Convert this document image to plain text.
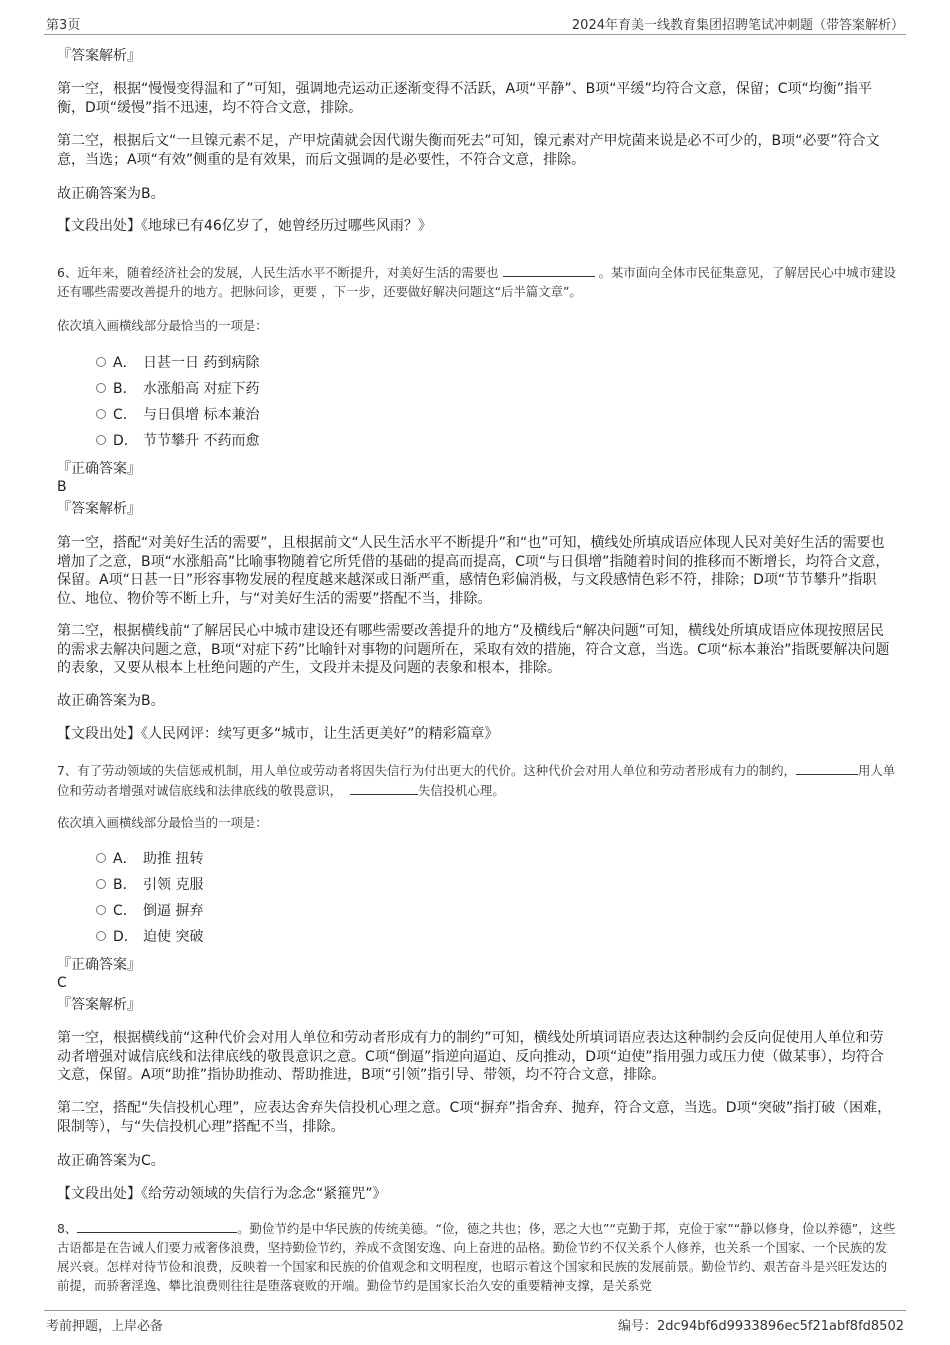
第3页	2024年育美一线教育集团招聘笔试冲刺题（带答案解析）
『答案解析』
第一空，根据“慢慢变得温和了”可知，强调地壳运动正逐渐变得不活跃，A项“平静”、B项“平缓”均符合文意，保留；C项“均衡”指平衡，D项“缓慢”指不迅速，均不符合文意，排除。
第二空，根据后文“一旦镍元素不足，产甲烷菌就会因代谢失衡而死去”可知，镍元素对产甲烷菌来说是必不可少的，B项“必要”符合文意，当选；A项“有效”侧重的是有效果，而后文强调的是必要性，不符合文意，排除。
故正确答案为B。
【文段出处】《地球已有46亿岁了，她曾经历过哪些风雨？》
6、近年来，随着经济社会的发展，人民生活水平不断提升，对美好生活的需要也	。某市面向全体市民征集意见，了解居民心中城市建设还有哪些需要改善提升的地方。把脉问诊，更要 ，下一步，还要做好解决问题这“后半篇文章”。
依次填入画横线部分最恰当的一项是：
A． 日甚一日 药到病除
B． 水涨船高 对症下药
C． 与日俱增 标本兼治
D． 节节攀升 不药而愈
『正确答案』
B
『答案解析』
第一空，搭配“对美好生活的需要”，且根据前文“人民生活水平不断提升”和“也”可知，横线处所填成语应体现人民对美好生活的需要也增加了之意，B项“水涨船高”比喻事物随着它所凭借的基础的提高而提高，C项“与日俱增”指随着时间的推移而不断增长，均符合文意，保留。A项“日甚一日”形容事物发展的程度越来越深或日渐严重，感情色彩偏消极，与文段感情色彩不符，排除；D项“节节攀升”指职位、地位、物价等不断上升，与“对美好生活的需要”搭配不当，排除。
第二空，根据横线前“了解居民心中城市建设还有哪些需要改善提升的地方”及横线后“解决问题”可知，横线处所填成语应体现按照居民的需求去解决问题之意，B项“对症下药”比喻针对事物的问题所在，采取有效的措施，符合文意，当选。C项“标本兼治”指既要解决问题的表象，又要从根本上杜绝问题的产生，文段并未提及问题的表象和根本，排除。
故正确答案为B。
【文段出处】《人民网评：续写更多“城市，让生活更美好”的精彩篇章》
7、有了劳动领域的失信惩戒机制，用人单位或劳动者将因失信行为付出更大的代价。这种代价会对用人单位和劳动者形成有力的制约，	用人单位和劳动者增强对诚信底线和法律底线的敬畏意识，	失信投机心理。
依次填入画横线部分最恰当的一项是：
A． 助推 扭转
B． 引领 克服
C． 倒逼 摒弃
D． 迫使 突破
『正确答案』
C
『答案解析』
第一空，根据横线前“这种代价会对用人单位和劳动者形成有力的制约”可知，横线处所填词语应表达这种制约会反向促使用人单位和劳动者增强对诚信底线和法律底线的敬畏意识之意。C项“倒逼”指逆向逼迫、反向推动，D项“迫使”指用强力或压力使（做某事），均符合文意，保留。A项“助推”指协助推动、帮助推进，B项“引领”指引导、带领，均不符合文意，排除。
第二空，搭配“失信投机心理”，应表达舍弃失信投机心理之意。C项“摒弃”指舍弃、抛弃，符合文意，当选。D项“突破”指打破（困难，限制等），与“失信投机心理”搭配不当，排除。
故正确答案为C。
【文段出处】《给劳动领域的失信行为念念“紧箍咒”》
8、	。勤俭节约是中华民族的传统美德。“俭，德之共也；侈，恶之大也”“克勤于邦，克俭于家”“静以修身，俭以养德”，这些古语都是在告诫人们要力戒奢侈浪费，坚持勤俭节约，养成不贪图安逸、向上奋进的品格。勤俭节约不仅关系个人修养，也关系一个国家、一个民族的发展兴衰。怎样对待节俭和浪费，反映着一个国家和民族的价值观念和文明程度，也昭示着这个国家和民族的发展前景。勤俭节约、艰苦奋斗是兴旺发达的前提，而骄奢淫逸、攀比浪费则往往是堕落衰败的开端。勤俭节约是国家长治久安的重要精神支撑，是关系党
考前押题，上岸必备	编号：2dc94bf6d9933896ec5f21abf8fd8502
